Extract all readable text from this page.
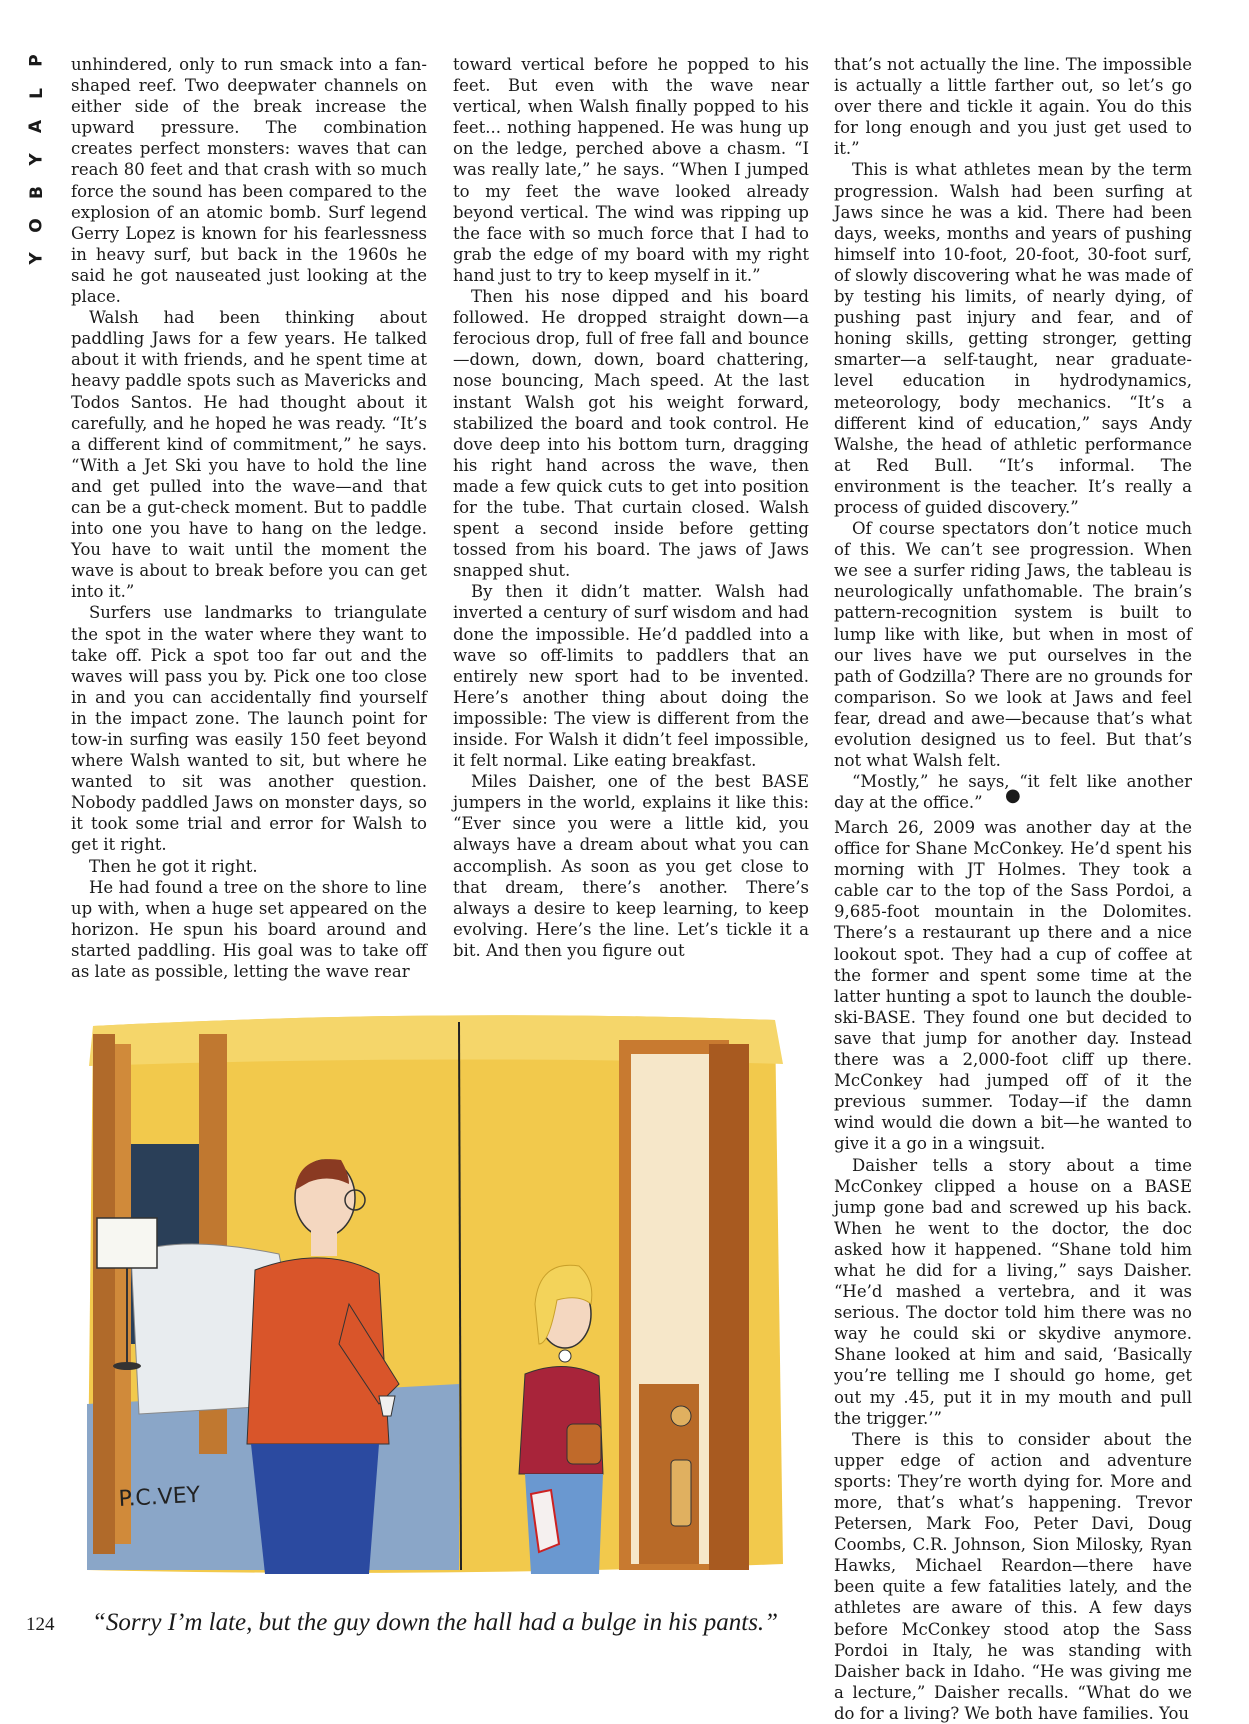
P
L
A
Y
B
O
Y

unhindered, only to run smack into a fan-shaped reef. Two deepwater channels on either side of the break increase the upward pressure. The combination creates perfect monsters: waves that can reach 80 feet and that crash with so much force the sound has been compared to the explosion of an atomic bomb. Surf legend Gerry Lopez is known for his fearlessness in heavy surf, but back in the 1960s he said he got nauseated just looking at the place.

Walsh had been thinking about paddling Jaws for a few years. He talked about it with friends, and he spent time at heavy paddle spots such as Mavericks and Todos Santos. He had thought about it carefully, and he hoped he was ready. “It’s a different kind of commitment,” he says. “With a Jet Ski you have to hold the line and get pulled into the wave—and that can be a gut-check moment. But to paddle into one you have to hang on the ledge. You have to wait until the moment the wave is about to break before you can get into it.”

Surfers use landmarks to triangulate the spot in the water where they want to take off. Pick a spot too far out and the waves will pass you by. Pick one too close in and you can accidentally find yourself in the impact zone. The launch point for tow-in surfing was easily 150 feet beyond where Walsh wanted to sit, but where he wanted to sit was another question. Nobody paddled Jaws on monster days, so it took some trial and error for Walsh to get it right.

Then he got it right.

He had found a tree on the shore to line up with, when a huge set appeared on the horizon. He spun his board around and started paddling. His goal was to take off as late as possible, letting the wave rear

toward vertical before he popped to his feet. But even with the wave near vertical, when Walsh finally popped to his feet... nothing happened. He was hung up on the ledge, perched above a chasm. “I was really late,” he says. “When I jumped to my feet the wave looked already beyond vertical. The wind was ripping up the face with so much force that I had to grab the edge of my board with my right hand just to try to keep myself in it.”

Then his nose dipped and his board followed. He dropped straight down—a ferocious drop, full of free fall and bounce—down, down, down, board chattering, nose bouncing, Mach speed. At the last instant Walsh got his weight forward, stabilized the board and took control. He dove deep into his bottom turn, dragging his right hand across the wave, then made a few quick cuts to get into position for the tube. That curtain closed. Walsh spent a second inside before getting tossed from his board. The jaws of Jaws snapped shut.

By then it didn’t matter. Walsh had inverted a century of surf wisdom and had done the impossible. He’d paddled into a wave so off-limits to paddlers that an entirely new sport had to be invented. Here’s another thing about doing the impossible: The view is different from the inside. For Walsh it didn’t feel impossible, it felt normal. Like eating breakfast.

Miles Daisher, one of the best BASE jumpers in the world, explains it like this: “Ever since you were a little kid, you always have a dream about what you can accomplish. As soon as you get close to that dream, there’s another. There’s always a desire to keep learning, to keep evolving. Here’s the line. Let’s tickle it a bit. And then you figure out

that’s not actually the line. The impossible is actually a little farther out, so let’s go over there and tickle it again. You do this for long enough and you just get used to it.”

This is what athletes mean by the term progression. Walsh had been surfing at Jaws since he was a kid. There had been days, weeks, months and years of pushing himself into 10-foot, 20-foot, 30-foot surf, of slowly discovering what he was made of by testing his limits, of nearly dying, of pushing past injury and fear, and of honing skills, getting stronger, getting smarter—a self-taught, near graduate-level education in hydrodynamics, meteorology, body mechanics. “It’s a different kind of education,” says Andy Walshe, the head of athletic performance at Red Bull. “It’s informal. The environment is the teacher. It’s really a process of guided discovery.”

Of course spectators don’t notice much of this. We can’t see progression. When we see a surfer riding Jaws, the tableau is neurologically unfathomable. The brain’s pattern-recognition system is built to lump like with like, but when in most of our lives have we put ourselves in the path of Godzilla? There are no grounds for comparison. So we look at Jaws and feel fear, dread and awe—because that’s what evolution designed us to feel. But that’s not what Walsh felt.

“Mostly,” he says, “it felt like another day at the office.”	●

March 26, 2009 was another day at the office for Shane McConkey. He’d spent his morning with JT Holmes. They took a cable car to the top of the Sass Pordoi, a 9,685-foot mountain in the Dolomites. There’s a restaurant up there and a nice lookout spot. They had a cup of coffee at the former and spent some time at the latter hunting a spot to launch the double-ski-BASE. They found one but decided to save that jump for another day. Instead there was a 2,000-foot cliff up there. McConkey had jumped off of it the previous summer. Today—if the damn wind would die down a bit—he wanted to give it a go in a wingsuit.

Daisher tells a story about a time McConkey clipped a house on a BASE jump gone bad and screwed up his back. When he went to the doctor, the doc asked how it happened. “Shane told him what he did for a living,” says Daisher. “He’d mashed a vertebra, and it was serious. The doctor told him there was no way he could ski or skydive anymore. Shane looked at him and said, ‘Basically you’re telling me I should go home, get out my .45, put it in my mouth and pull the trigger.’”

There is this to consider about the upper edge of action and adventure sports: They’re worth dying for. More and more, that’s what’s happening. Trevor Petersen, Mark Foo, Peter Davi, Doug Coombs, C.R. Johnson, Sion Milosky, Ryan Hawks, Michael Reardon—there have been quite a few fatalities lately, and the athletes are aware of this. A few days before McConkey stood atop the Sass Pordoi in Italy, he was standing with Daisher back in Idaho. “He was giving me a lecture,” Daisher recalls. “What do we do for a living? We both have families. You

P.C.VEY
124 “Sorry I’m late, but the guy down the hall had a bulge in his pants.”
